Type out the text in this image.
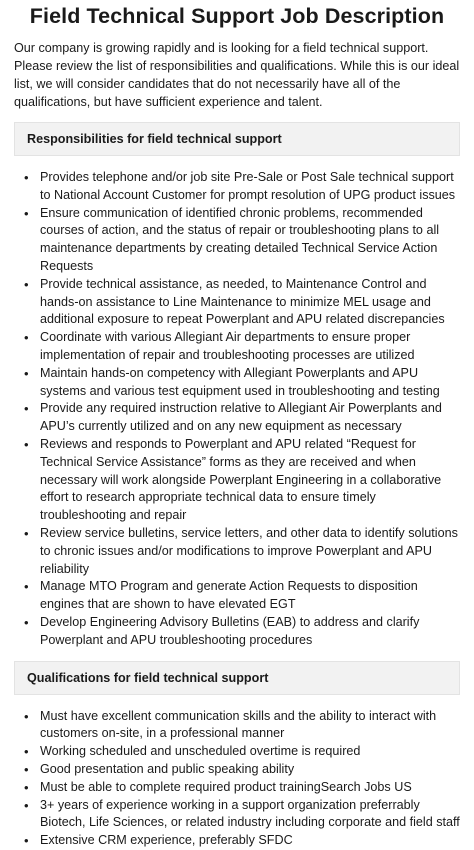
Field Technical Support Job Description

Our company is growing rapidly and is looking for a field technical support. Please review the list of responsibilities and qualifications. While this is our ideal list, we will consider candidates that do not necessarily have all of the qualifications, but have sufficient experience and talent.

Responsibilities for field technical support
• Provides telephone and/or job site Pre-Sale or Post Sale technical support to National Account Customer for prompt resolution of UPG product issues
• Ensure communication of identified chronic problems, recommended courses of action, and the status of repair or troubleshooting plans to all maintenance departments by creating detailed Technical Service Action Requests
• Provide technical assistance, as needed, to Maintenance Control and hands-on assistance to Line Maintenance to minimize MEL usage and additional exposure to repeat Powerplant and APU related discrepancies
• Coordinate with various Allegiant Air departments to ensure proper implementation of repair and troubleshooting processes are utilized
• Maintain hands-on competency with Allegiant Powerplants and APU systems and various test equipment used in troubleshooting and testing
• Provide any required instruction relative to Allegiant Air Powerplants and APU’s currently utilized and on any new equipment as necessary
• Reviews and responds to Powerplant and APU related “Request for Technical Service Assistance” forms as they are received and when necessary will work alongside Powerplant Engineering in a collaborative effort to research appropriate technical data to ensure timely troubleshooting and repair
• Review service bulletins, service letters, and other data to identify solutions to chronic issues and/or modifications to improve Powerplant and APU reliability
• Manage MTO Program and generate Action Requests to disposition engines that are shown to have elevated EGT
• Develop Engineering Advisory Bulletins (EAB) to address and clarify Powerplant and APU troubleshooting procedures
Qualifications for field technical support
• Must have excellent communication skills and the ability to interact with customers on-site, in a professional manner
• Working scheduled and unscheduled overtime is required
• Good presentation and public speaking ability
• Must be able to complete required product trainingSearch Jobs US
• 3+ years of experience working in a support organization preferrably Biotech, Life Sciences, or related industry including corporate and field staff
• Extensive CRM experience, preferably SFDC
